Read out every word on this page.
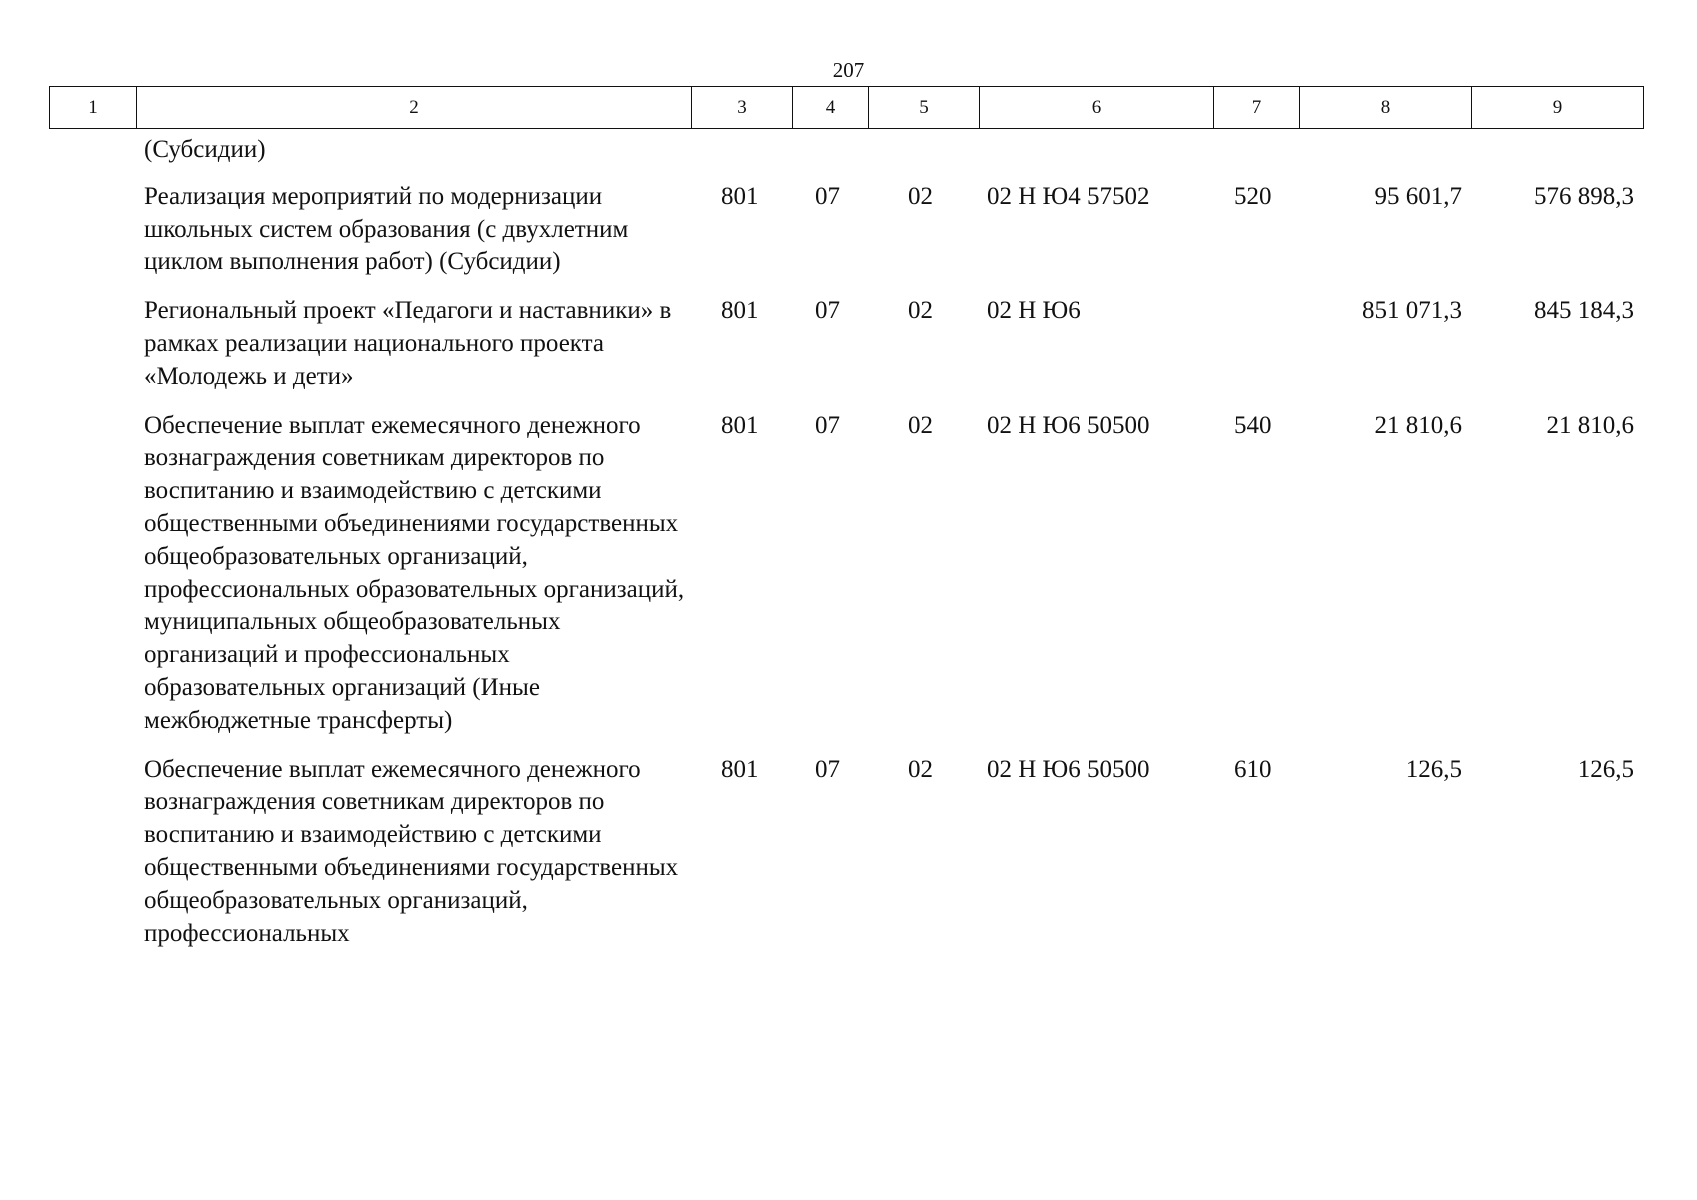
207
1	2	3	4	5	6	7	8	9
(Субсидии)							
Реализация мероприятий по модернизации школьных систем образования (с двухлетним циклом выполнения работ) (Субсидии)	801	07	02	02 Н Ю4 57502	520	95 601,7	576 898,3
Региональный проект «Педагоги и наставники» в рамках реализации национального проекта «Молодежь и дети»	801	07	02	02 Н Ю6		851 071,3	845 184,3
Обеспечение выплат ежемесячного денежного вознаграждения советникам директоров по воспитанию и взаимодействию с детскими общественными объединениями государственных общеобразовательных организаций, профессиональных образовательных организаций, муниципальных общеобразовательных организаций и профессиональных образовательных организаций (Иные межбюджетные трансферты)	801	07	02	02 Н Ю6 50500	540	21 810,6	21 810,6
Обеспечение выплат ежемесячного денежного вознаграждения советникам директоров по воспитанию и взаимодействию с детскими общественными объединениями государственных общеобразовательных организаций, профессиональных	801	07	02	02 Н Ю6 50500	610	126,5	126,5
